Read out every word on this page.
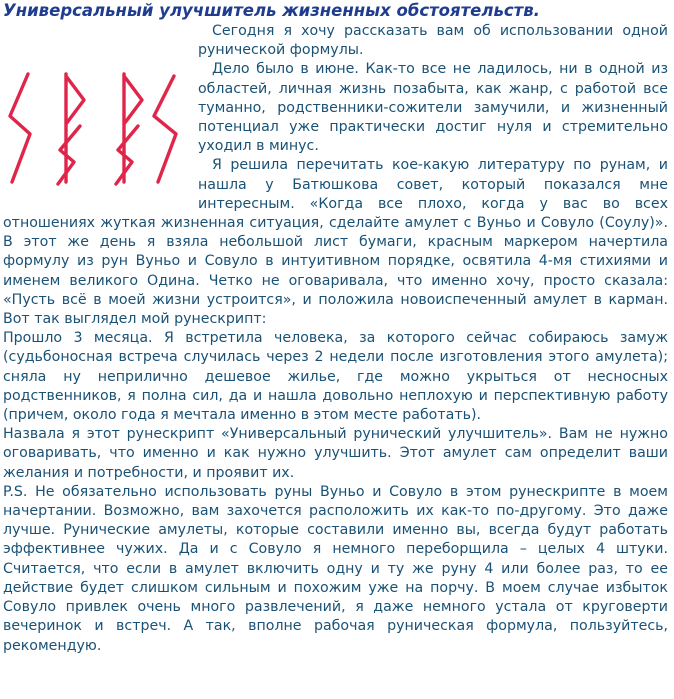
Универсальный улучшитель жизненных обстоятельств.

Сегодня я хочу рассказать вам об использовании одной рунической формулы.

Дело было в июне. Как-то все не ладилось, ни в одной из областей, личная жизнь позабыта, как жанр, с работой все туманно, родственники-сожители замучили, и жизненный потенциал уже практически достиг нуля и стремительно уходил в минус.

Я решила перечитать кое-какую литературу по рунам, и нашла у Батюшкова совет, который показался мне интересным. «Когда все плохо, когда у вас во всех отношениях жуткая жизненная ситуация, сделайте амулет с Вуньо и Совуло (Соулу)». В этот же день я взяла небольшой лист бумаги, красным маркером начертила формулу из рун Вуньо и Совуло в интуитивном порядке, освятила 4-мя стихиями и именем великого Одина. Четко не оговаривала, что именно хочу, просто сказала: «Пусть всё в моей жизни устроится», и положила новоиспеченный амулет в карман. Вот так выглядел мой рунескрипт:

Прошло 3 месяца. Я встретила человека, за которого сейчас собираюсь замуж (судьбоносная встреча случилась через 2 недели после изготовления этого амулета); сняла ну неприлично дешевое жилье, где можно укрыться от несносных родственников, я полна сил, да и нашла довольно неплохую и перспективную работу (причем, около года я мечтала именно в этом месте работать).

Назвала я этот рунескрипт «Универсальный рунический улучшитель». Вам не нужно оговаривать, что именно и как нужно улучшить. Этот амулет сам определит ваши желания и потребности, и проявит их.

P.S. Не обязательно использовать руны Вуньо и Совуло в этом рунескрипте в моем начертании. Возможно, вам захочется расположить их как-то по-другому. Это даже лучше. Рунические амулеты, которые составили именно вы, всегда будут работать эффективнее чужих. Да и с Совуло я немного переборщила – целых 4 штуки. Считается, что если в амулет включить одну и ту же руну 4 или более раз, то ее действие будет слишком сильным и похожим уже на порчу. В моем случае избыток Совуло привлек очень много развлечений, я даже немного устала от круговерти вечеринок и встреч. А так, вполне рабочая руническая формула, пользуйтесь, рекомендую.
